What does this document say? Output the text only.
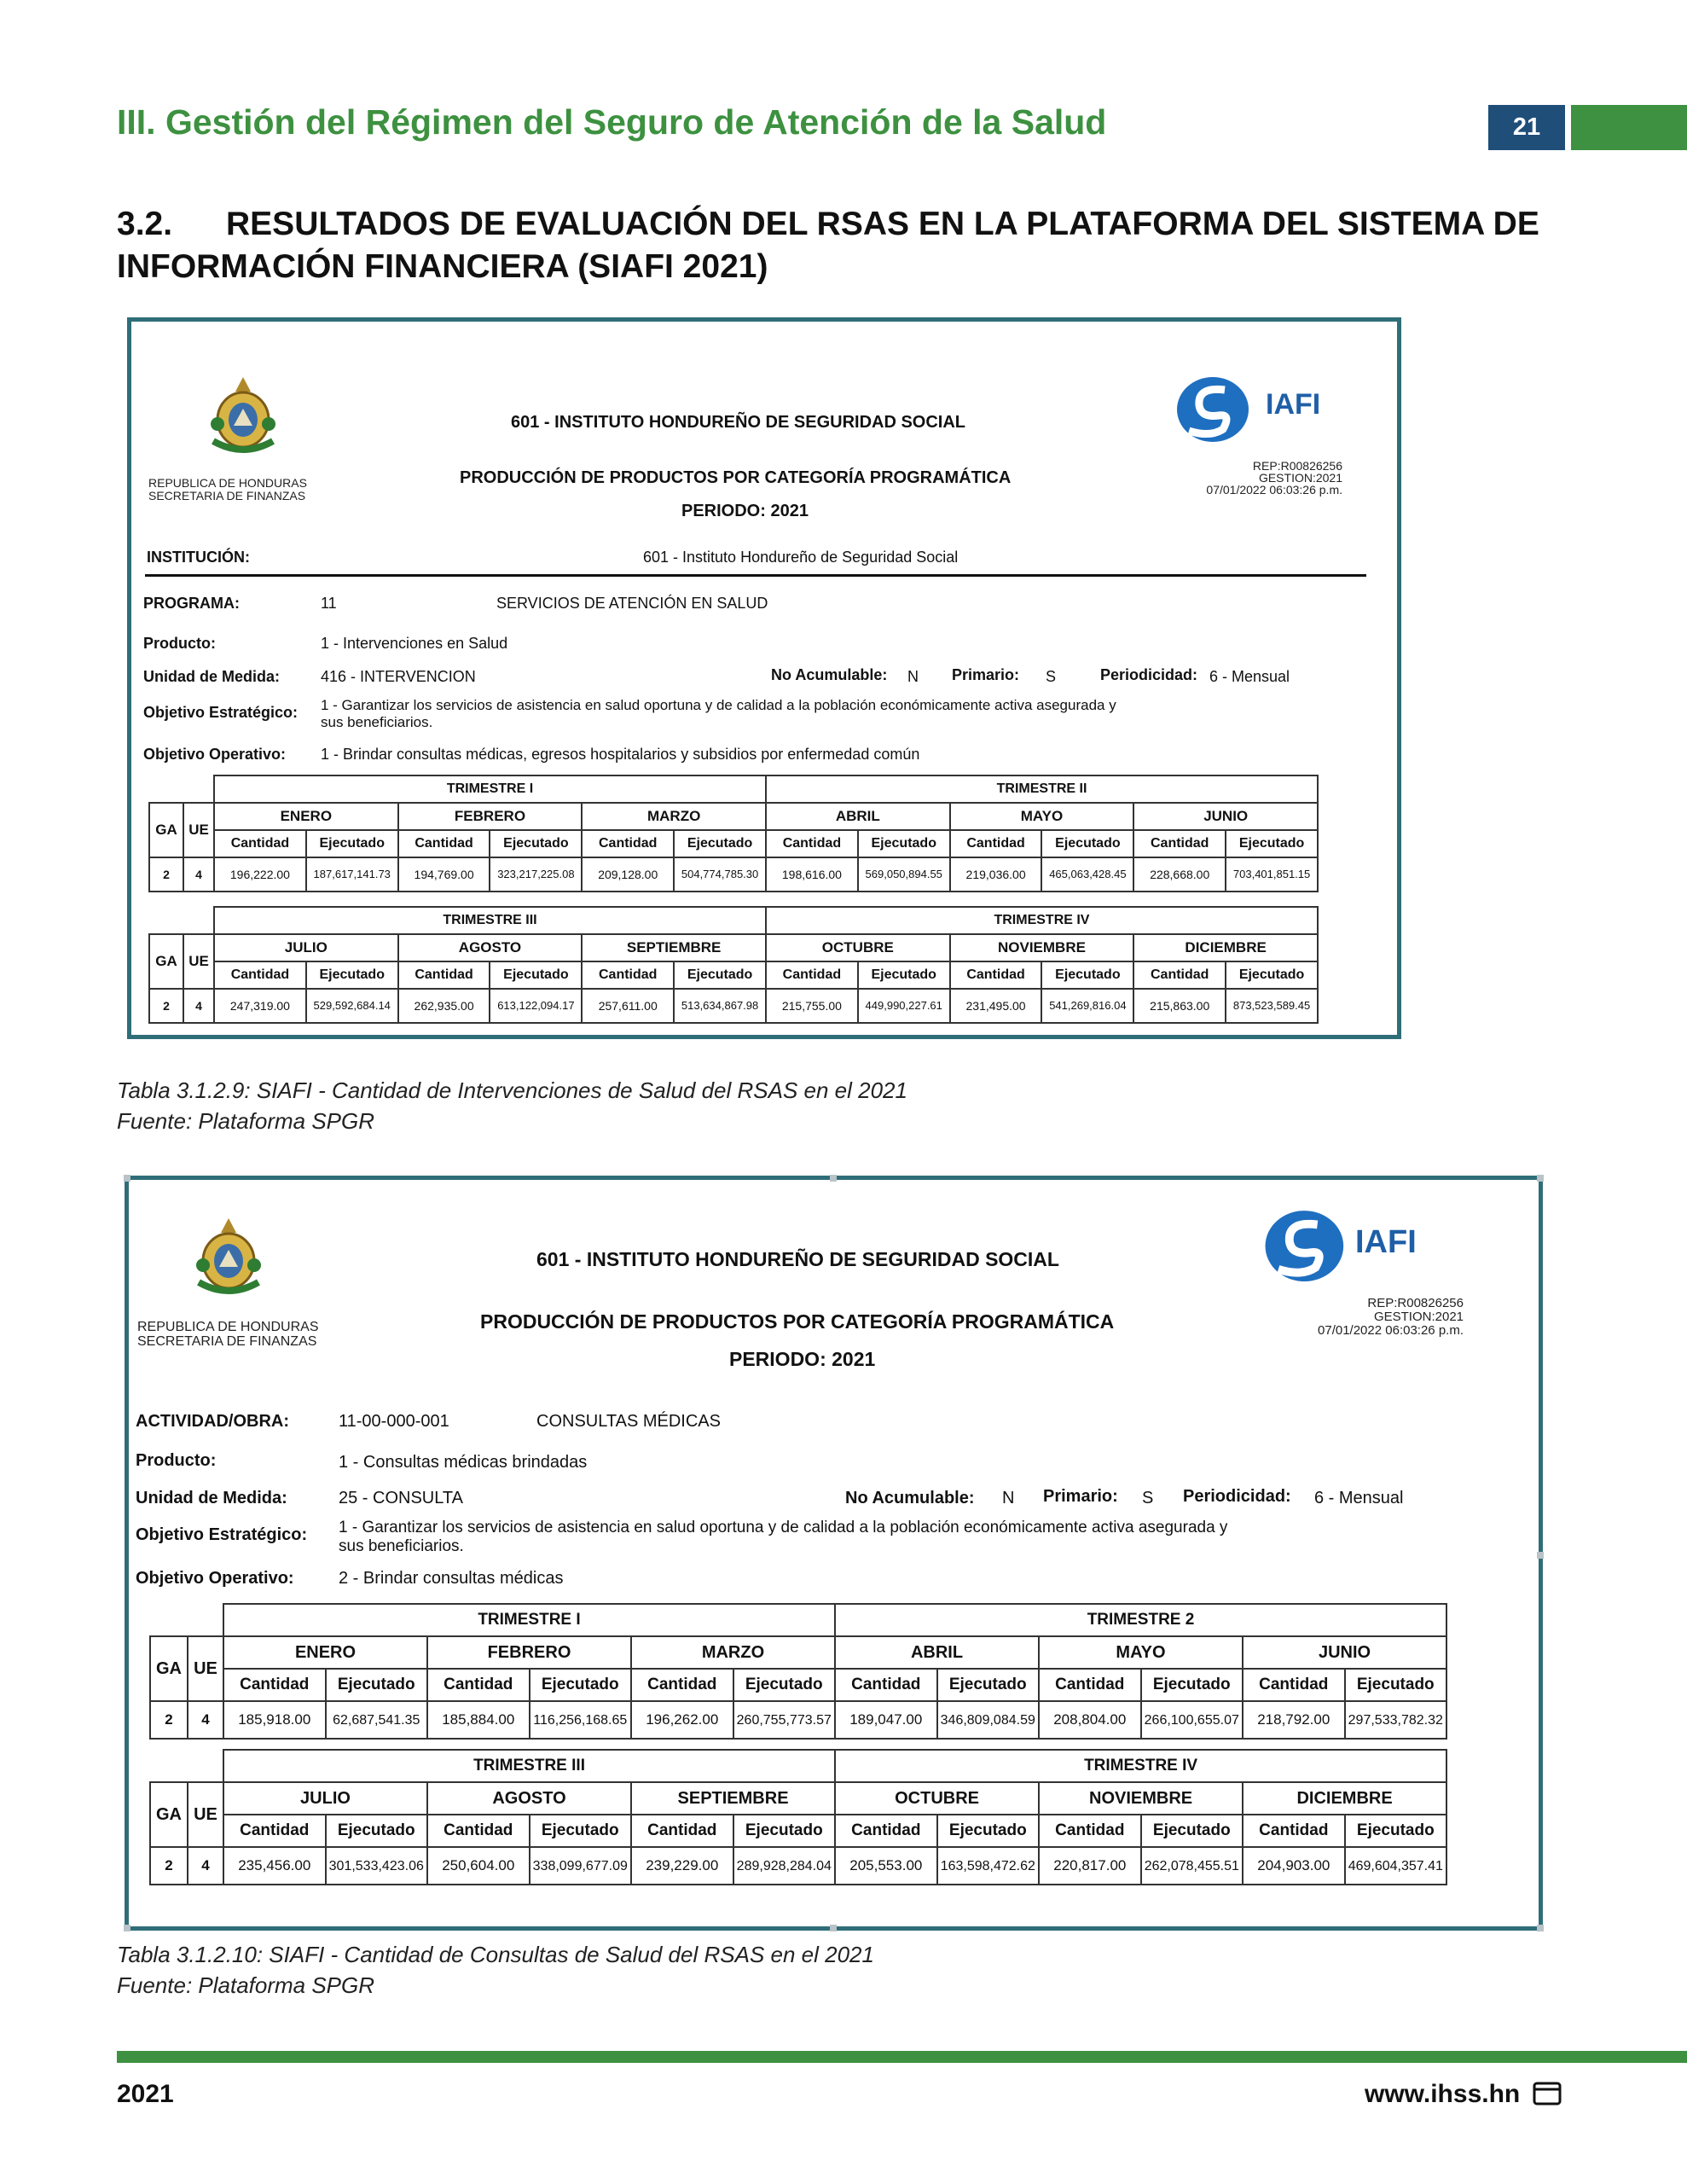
III. Gestión del Régimen del Seguro de Atención de la Salud	21
3.2. RESULTADOS DE EVALUACIÓN DEL RSAS EN LA PLATAFORMA DEL SISTEMA DE INFORMACIÓN FINANCIERA (SIAFI 2021)
REPUBLICA DE HONDURAS
SECRETARIA DE FINANZAS
601 - INSTITUTO HONDUREÑO DE SEGURIDAD SOCIAL
PRODUCCIÓN DE PRODUCTOS POR CATEGORÍA PROGRAMÁTICA
PERIODO: 2021
IAFI
REP:R00826256
GESTION:2021
07/01/2022 06:03:26 p.m.
INSTITUCIÓN:	601 - Instituto Hondureño de Seguridad Social
PROGRAMA:	11	SERVICIOS DE ATENCIÓN EN SALUD
Producto:	1 - Intervenciones en Salud
Unidad de Medida:	416 - INTERVENCION	No Acumulable: N Primario: S	Periodicidad: 6 - Mensual
Objetivo Estratégico: 1 - Garantizar los servicios de asistencia en salud oportuna y de calidad a la población económicamente activa asegurada y
sus beneficiarios.
Objetivo Operativo: 1 - Brindar consultas médicas, egresos hospitalarios y subsidios por enfermedad común
		TRIMESTRE I						TRIMESTRE II					
GA	UE	ENERO		FEBRERO		MARZO		ABRIL		MAYO		JUNIO	
		Cantidad	Ejecutado	Cantidad	Ejecutado	Cantidad	Ejecutado	Cantidad	Ejecutado	Cantidad	Ejecutado	Cantidad	Ejecutado
2	4	196,222.00	187,617,141.73	194,769.00	323,217,225.08	209,128.00	504,774,785.30	198,616.00	569,050,894.55	219,036.00	465,063,428.45	228,668.00	703,401,851.15
		TRIMESTRE III						TRIMESTRE IV					
GA	UE	JULIO		AGOSTO		SEPTIEMBRE		OCTUBRE		NOVIEMBRE		DICIEMBRE	
		Cantidad	Ejecutado	Cantidad	Ejecutado	Cantidad	Ejecutado	Cantidad	Ejecutado	Cantidad	Ejecutado	Cantidad	Ejecutado
2	4	247,319.00	529,592,684.14	262,935.00	613,122,094.17	257,611.00	513,634,867.98	215,755.00	449,990,227.61	231,495.00	541,269,816.04	215,863.00	873,523,589.45
Tabla 3.1.2.9: SIAFI - Cantidad de Intervenciones de Salud del RSAS en el 2021
Fuente: Plataforma SPGR
REPUBLICA DE HONDURAS
SECRETARIA DE FINANZAS
601 - INSTITUTO HONDUREÑO DE SEGURIDAD SOCIAL
PRODUCCIÓN DE PRODUCTOS POR CATEGORÍA PROGRAMÁTICA
PERIODO: 2021
IAFI
REP:R00826256
GESTION:2021
07/01/2022 06:03:26 p.m.
ACTIVIDAD/OBRA:	11-00-000-001	CONSULTAS MÉDICAS
Producto:	1 - Consultas médicas brindadas
Unidad de Medida:	25 - CONSULTA	No Acumulable: N Primario: S Periodicidad: 6 - Mensual
Objetivo Estratégico: 1 - Garantizar los servicios de asistencia en salud oportuna y de calidad a la población económicamente activa asegurada y
sus beneficiarios.
Objetivo Operativo:	2 - Brindar consultas médicas
		TRIMESTRE I						TRIMESTRE 2					
GA	UE	ENERO		FEBRERO		MARZO		ABRIL		MAYO		JUNIO	
		Cantidad	Ejecutado	Cantidad	Ejecutado	Cantidad	Ejecutado	Cantidad	Ejecutado	Cantidad	Ejecutado	Cantidad	Ejecutado
2	4	185,918.00	62,687,541.35	185,884.00	116,256,168.65	196,262.00	260,755,773.57	189,047.00	346,809,084.59	208,804.00	266,100,655.07	218,792.00	297,533,782.32
		TRIMESTRE III						TRIMESTRE IV					
GA	UE	JULIO		AGOSTO		SEPTIEMBRE		OCTUBRE		NOVIEMBRE		DICIEMBRE	
		Cantidad	Ejecutado	Cantidad	Ejecutado	Cantidad	Ejecutado	Cantidad	Ejecutado	Cantidad	Ejecutado	Cantidad	Ejecutado
2	4	235,456.00	301,533,423.06	250,604.00	338,099,677.09	239,229.00	289,928,284.04	205,553.00	163,598,472.62	220,817.00	262,078,455.51	204,903.00	469,604,357.41
Tabla 3.1.2.10: SIAFI - Cantidad de Consultas de Salud del RSAS en el 2021
Fuente: Plataforma SPGR
2021	www.ihss.hn
